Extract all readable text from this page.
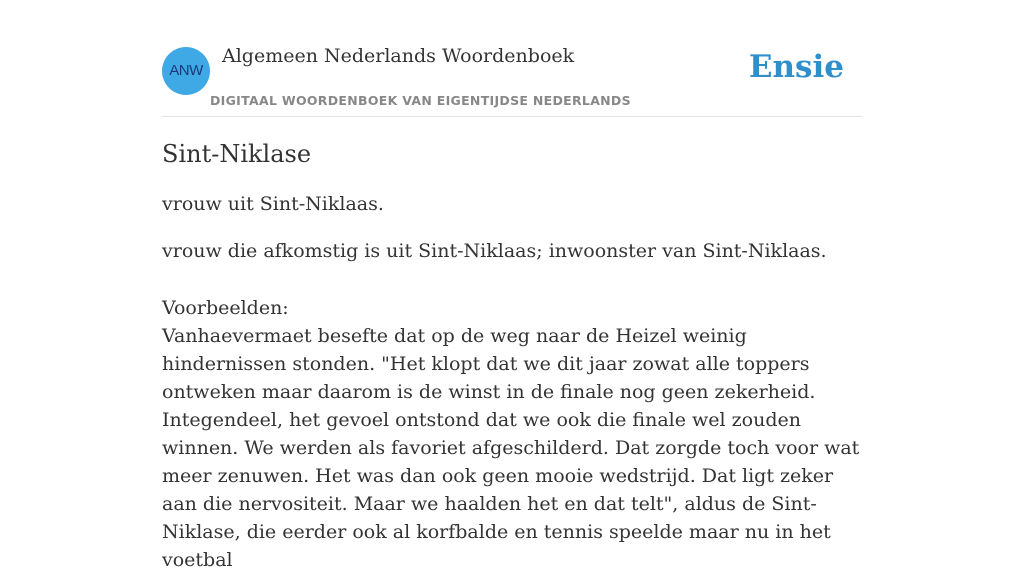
ANW
Algemeen Nederlands Woordenboek
DIGITAAL WOORDENBOEK VAN EIGENTIJDSE NEDERLANDS
Ensie
Sint-Niklase

vrouw uit Sint-Niklaas.

vrouw die afkomstig is uit Sint-Niklaas; inwoonster van Sint-Niklaas.

Voorbeelden:

Vanhaevermaet besefte dat op de weg naar de Heizel weinig hindernissen stonden. "Het klopt dat we dit jaar zowat alle toppers ontweken maar daarom is de winst in de finale nog geen zekerheid. Integendeel, het gevoel ontstond dat we ook die finale wel zouden winnen. We werden als favoriet afgeschilderd. Dat zorgde toch voor wat meer zenuwen. Het was dan ook geen mooie wedstrijd. Dat ligt zeker aan die nervositeit. Maar we haalden het en dat telt", aldus de Sint-Niklase, die eerder ook al korfbalde en tennis speelde maar nu in het voetbal
